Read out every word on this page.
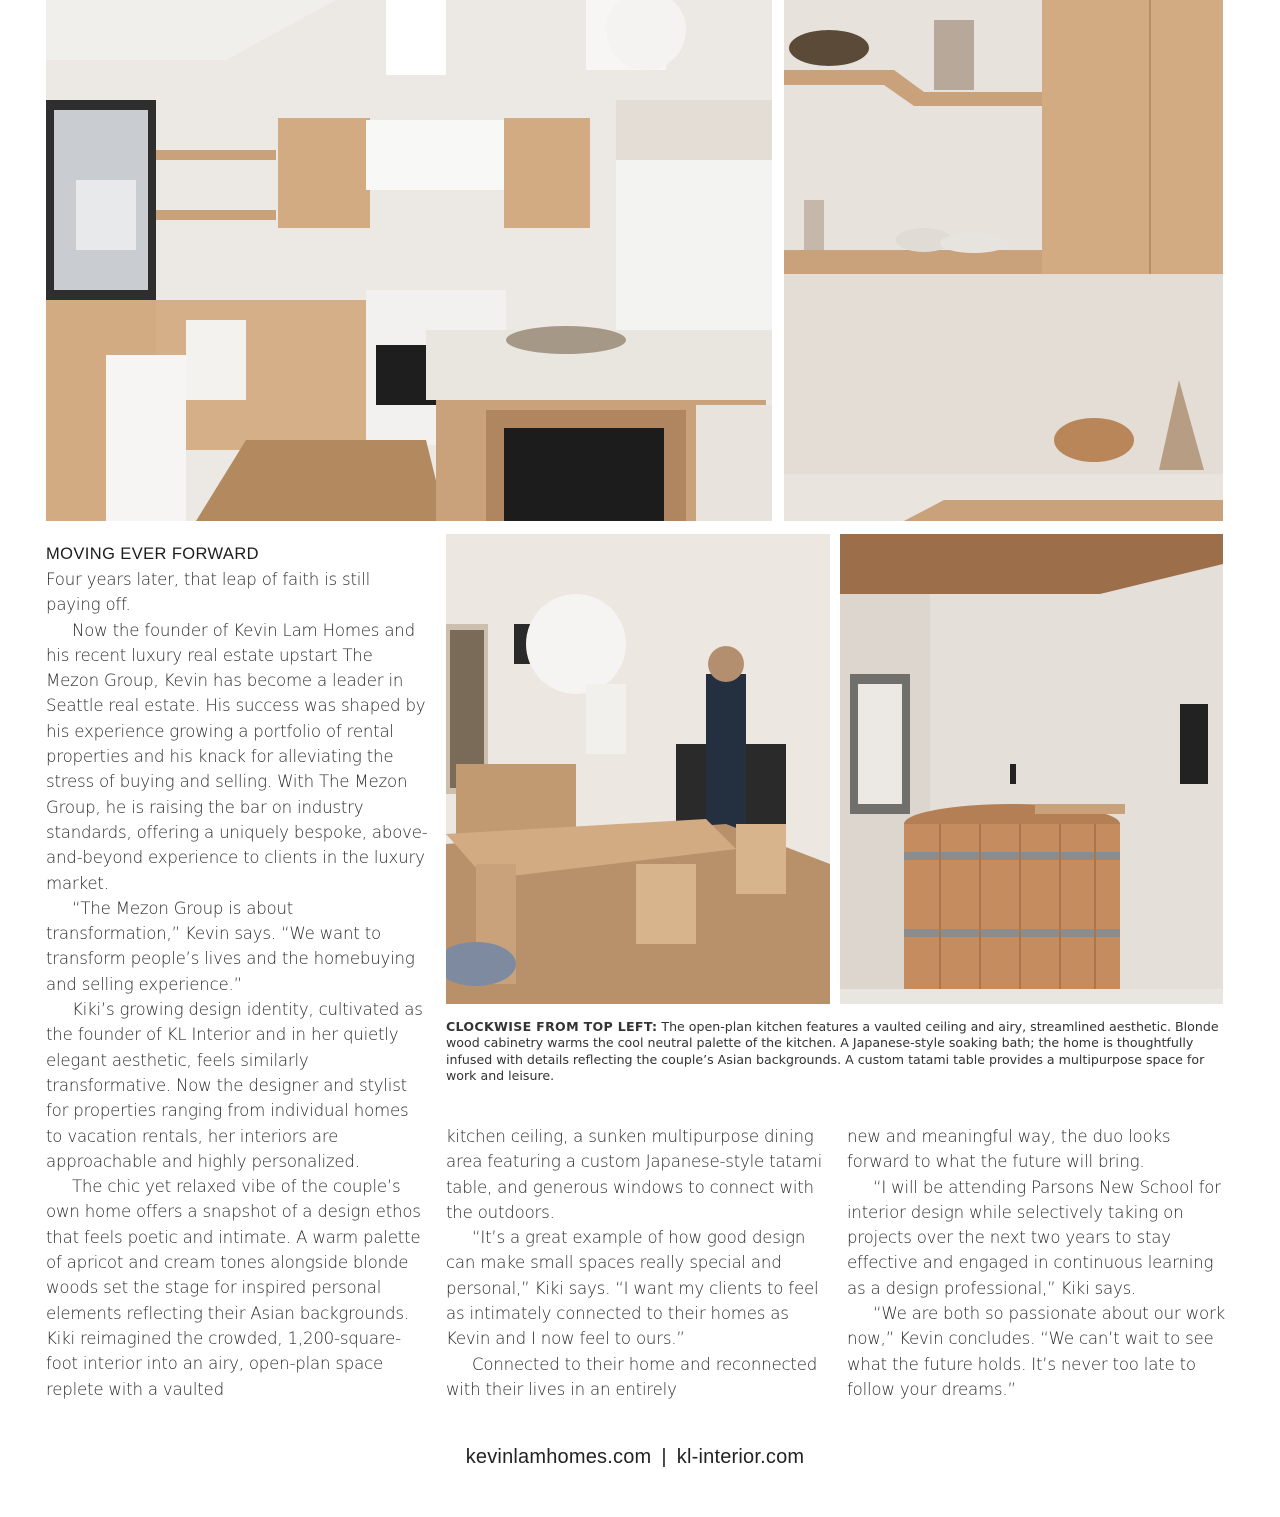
MOVING EVER FORWARD

Four years later, that leap of faith is still paying off.

Now the founder of Kevin Lam Homes and his recent luxury real estate upstart The Mezon Group, Kevin has become a leader in Seattle real estate. His success was shaped by his experience growing a portfolio of rental properties and his knack for alleviating the stress of buying and selling. With The Mezon Group, he is raising the bar on industry standards, offering a uniquely bespoke, above-and-beyond experience to clients in the luxury market.

“The Mezon Group is about transformation,” Kevin says. “We want to transform people’s lives and the homebuying and selling experience.”

Kiki’s growing design identity, cultivated as the founder of KL Interior and in her quietly elegant aesthetic, feels similarly transformative. Now the designer and stylist for properties ranging from individual homes to vacation rentals, her interiors are approachable and highly personalized.

The chic yet relaxed vibe of the couple’s own home offers a snapshot of a design ethos that feels poetic and intimate. A warm palette of apricot and cream tones alongside blonde woods set the stage for inspired personal elements reflecting their Asian backgrounds. Kiki reimagined the crowded, 1,200-square-foot interior into an airy, open-plan space replete with a vaulted

CLOCKWISE FROM TOP LEFT: The open-plan kitchen features a vaulted ceiling and airy, streamlined aesthetic. Blonde wood cabinetry warms the cool neutral palette of the kitchen. A Japanese-style soaking bath; the home is thoughtfully infused with details reflecting the couple’s Asian backgrounds. A custom tatami table provides a multipurpose space for work and leisure.

kitchen ceiling, a sunken multipurpose dining area featuring a custom Japanese-style tatami table, and generous windows to connect with the outdoors.

“It’s a great example of how good design can make small spaces really special and personal,” Kiki says. “I want my clients to feel as intimately connected to their homes as Kevin and I now feel to ours.”

Connected to their home and reconnected with their lives in an entirely

new and meaningful way, the duo looks forward to what the future will bring.

“I will be attending Parsons New School for interior design while selectively taking on projects over the next two years to stay effective and engaged in continuous learning as a design professional,” Kiki says.

“We are both so passionate about our work now,” Kevin concludes. “We can’t wait to see what the future holds. It’s never too late to follow your dreams.”

kevinlamhomes.com | kl-interior.com
